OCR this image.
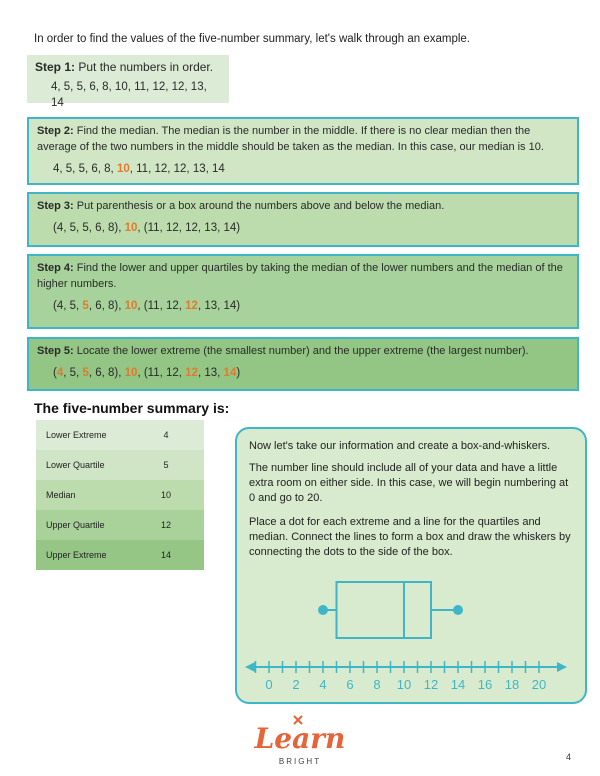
In order to find the values of the five-number summary, let's walk through an example.
Step 1: Put the numbers in order.
4, 5, 5, 6, 8, 10, 11, 12, 12, 13, 14
Step 2: Find the median. The median is the number in the middle. If there is no clear median then the average of the two numbers in the middle should be taken as the median. In this case, our median is 10.
4, 5, 5, 6, 8, 10, 11, 12, 12, 13, 14
Step 3: Put parenthesis or a box around the numbers above and below the median.
(4, 5, 5, 6, 8), 10, (11, 12, 12, 13, 14)
Step 4: Find the lower and upper quartiles by taking the median of the lower numbers and the median of the higher numbers.
(4, 5, 5, 6, 8), 10, (11, 12, 12, 13, 14)
Step 5: Locate the lower extreme (the smallest number) and the upper extreme (the largest number).
(4, 5, 5, 6, 8), 10, (11, 12, 12, 13, 14)
The five-number summary is:
Lower Extreme	4
Lower Quartile	5
Median	10
Upper Quartile	12
Upper Extreme	14

Now let's take our information and create a box-and-whiskers.

The number line should include all of your data and have a little extra room on either side. In this case, we will begin numbering at 0 and go to 20.

Place a dot for each extreme and a line for the quartiles and median. Connect the lines to form a box and draw the whiskers by connecting the dots to the side of the box.

0 2 4 6 8 10 12 14 16 18 20
Learn
BRIGHT	4
